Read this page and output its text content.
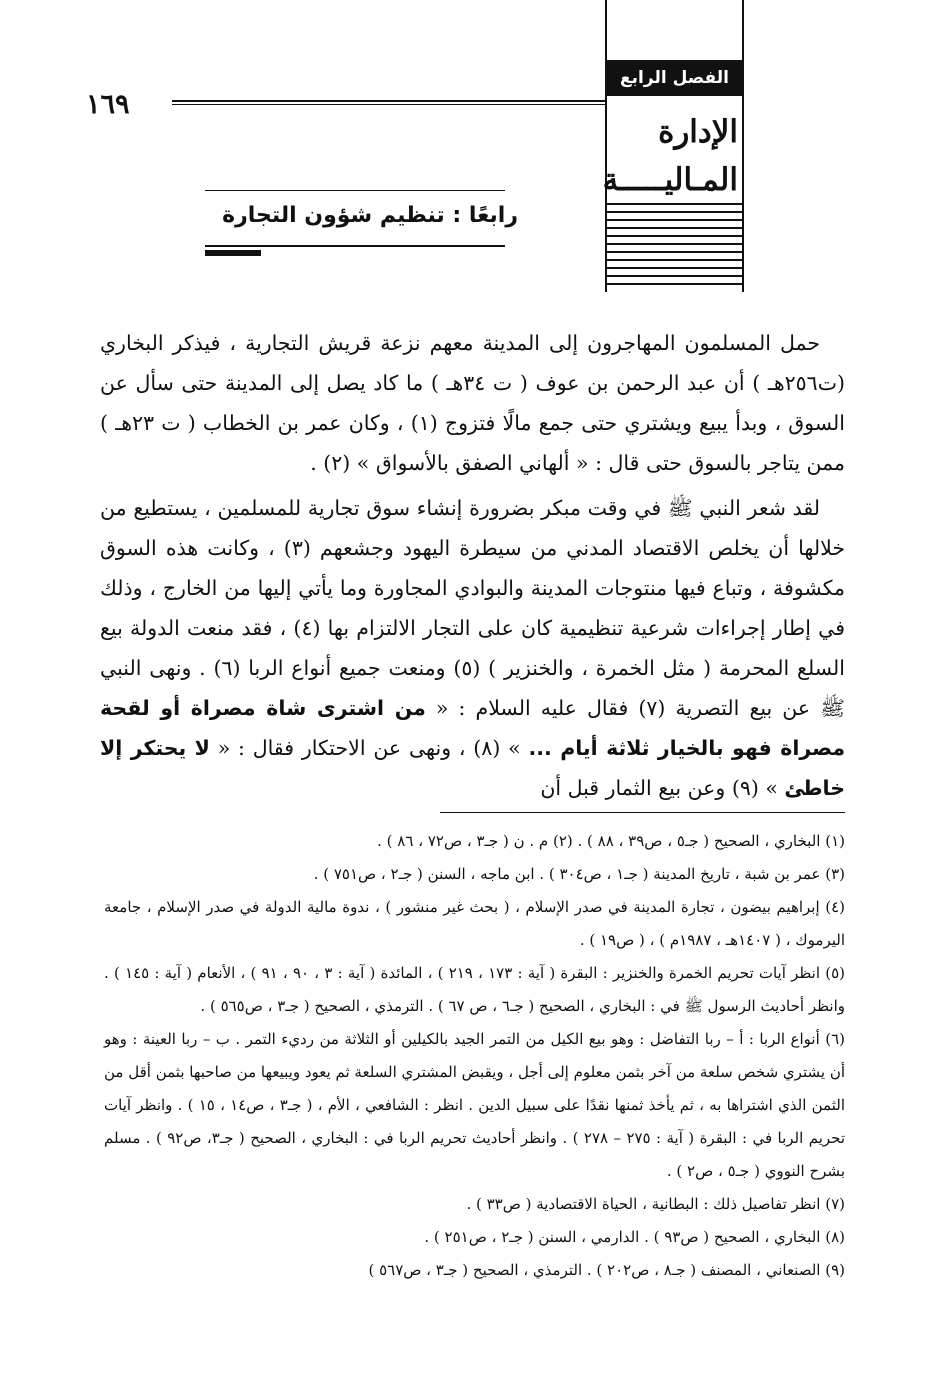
١٦٩
الفصل الرابع
الإدارة
المـاليـــــة
رابعًا : تنظيم شؤون التجارة

حمل المسلمون المهاجرون إلى المدينة معهم نزعة قريش التجارية ، فيذكر البخاري (ت٢٥٦هـ ) أن عبد الرحمن بن عوف ( ت ٣٤هـ ) ما كاد يصل إلى المدينة حتى سأل عن السوق ، وبدأ يبيع ويشتري حتى جمع مالًا فتزوج (١) ، وكان عمر بن الخطاب ( ت ٢٣هـ ) ممن يتاجر بالسوق حتى قال : « ألهاني الصفق بالأسواق » (٢) .

لقد شعر النبي ﷺ في وقت مبكر بضرورة إنشاء سوق تجارية للمسلمين ، يستطيع من خلالها أن يخلص الاقتصاد المدني من سيطرة اليهود وجشعهم (٣) ، وكانت هذه السوق مكشوفة ، وتباع فيها منتوجات المدينة والبوادي المجاورة وما يأتي إليها من الخارج ، وذلك في إطار إجراءات شرعية تنظيمية كان على التجار الالتزام بها (٤) ، فقد منعت الدولة بيع السلع المحرمة ( مثل الخمرة ، والخنزير ) (٥) ومنعت جميع أنواع الربا (٦) . ونهى النبي ﷺ عن بيع التصرية (٧) فقال عليه السلام : « من اشترى شاة مصراة أو لقحة مصراة فهو بالخيار ثلاثة أيام ... » (٨) ، ونهى عن الاحتكار فقال : « لا يحتكر إلا خاطئ » (٩) وعن بيع الثمار قبل أن

(١) البخاري ، الصحيح ( جـ٥ ، ص٣٩ ، ٨٨ ) . (٢) م . ن ( جـ٣ ، ص٧٢ ، ٨٦ ) .
(٣) عمر بن شبة ، تاريخ المدينة ( جـ١ ، ص٣٠٤ ) . ابن ماجه ، السنن ( جـ٢ ، ص٧٥١ ) .
(٤) إبراهيم بيضون ، تجارة المدينة في صدر الإسلام ، ( بحث غير منشور ) ، ندوة مالية الدولة في صدر الإسلام ، جامعة اليرموك ، ( ١٤٠٧هـ ، ١٩٨٧م ) ، ( ص١٩ ) .
(٥) انظر آيات تحريم الخمرة والخنزير : البقرة ( آية : ١٧٣ ، ٢١٩ ) ، المائدة ( آية : ٣ ، ٩٠ ، ٩١ ) ، الأنعام ( آية : ١٤٥ ) . وانظر أحاديث الرسول ﷺ في : البخاري ، الصحيح ( جـ٦ ، ص ٦٧ ) . الترمذي ، الصحيح ( جـ٣ ، ص٥٦٥ ) .
(٦) أنواع الربا : أ – ربا التفاضل : وهو بيع الكيل من التمر الجيد بالكيلين أو الثلاثة من رديء التمر . ب – ربا العينة : وهو أن يشتري شخص سلعة من آخر بثمن معلوم إلى أجل ، ويقبض المشتري السلعة ثم يعود ويبيعها من صاحبها بثمن أقل من الثمن الذي اشتراها به ، ثم يأخذ ثمنها نقدًا على سبيل الدين . انظر : الشافعي ، الأم ، ( جـ٣ ، ص١٤ ، ١٥ ) . وانظر آيات تحريم الربا في : البقرة ( آية : ٢٧٥ – ٢٧٨ ) . وانظر أحاديث تحريم الربا في : البخاري ، الصحيح ( جـ٣، ص٩٢ ) . مسلم بشرح النووي ( جـ٥ ، ص٢ ) .
(٧) انظر تفاصيل ذلك : البطانية ، الحياة الاقتصادية ( ص٣٣ ) .
(٨) البخاري ، الصحيح ( ص٩٣ ) . الدارمي ، السنن ( جـ٢ ، ص٢٥١ ) .
(٩) الصنعاني ، المصنف ( جـ٨ ، ص٢٠٢ ) . الترمذي ، الصحيح ( جـ٣ ، ص٥٦٧ )
